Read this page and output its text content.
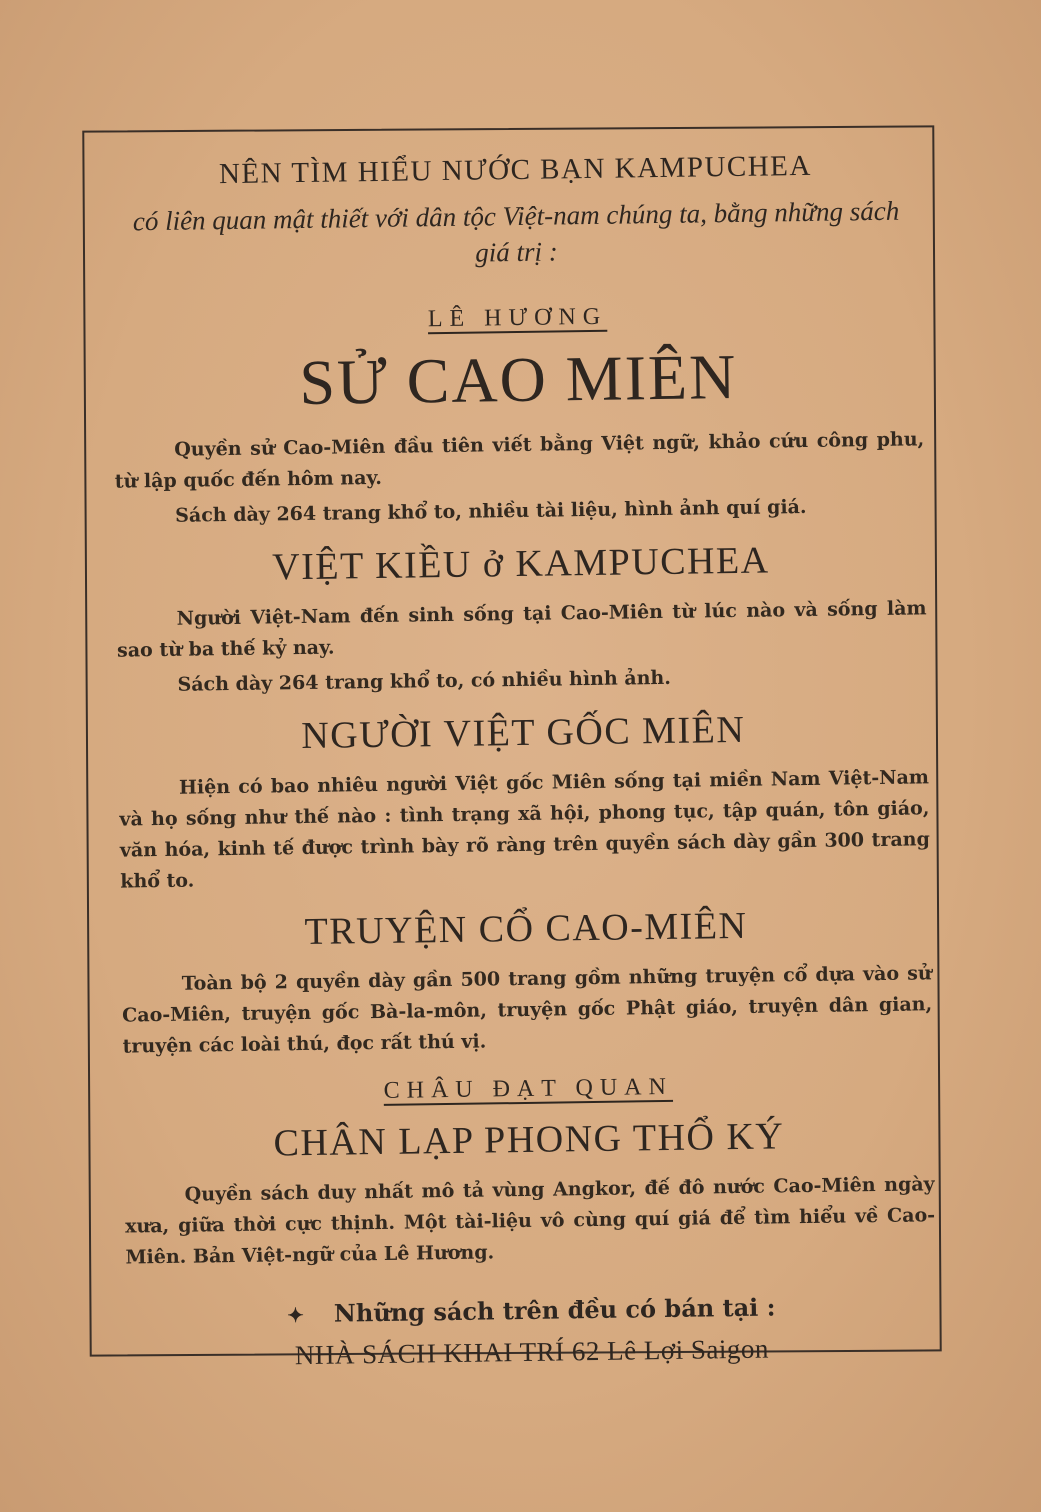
NÊN TÌM HIỂU NƯỚC BẠN KAMPUCHEA
có liên quan mật thiết với dân tộc Việt-nam chúng ta, bằng những sách giá trị :
LÊ HƯƠNG
SỬ CAO MIÊN

Quyền sử Cao-Miên đầu tiên viết bằng Việt ngữ, khảo cứu công phu, từ lập quốc đến hôm nay.

Sách dày 264 trang khổ to, nhiều tài liệu, hình ảnh quí giá.

VIỆT KIỀU ở KAMPUCHEA

Người Việt-Nam đến sinh sống tại Cao-Miên từ lúc nào và sống làm sao từ ba thế kỷ nay.

Sách dày 264 trang khổ to, có nhiều hình ảnh.

NGƯỜI VIỆT GỐC MIÊN

Hiện có bao nhiêu người Việt gốc Miên sống tại miền Nam Việt-Nam và họ sống như thế nào : tình trạng xã hội, phong tục, tập quán, tôn giáo, văn hóa, kinh tế được trình bày rõ ràng trên quyền sách dày gần 300 trang khổ to.

TRUYỆN CỔ CAO-MIÊN

Toàn bộ 2 quyền dày gần 500 trang gồm những truyện cổ dựa vào sử Cao-Miên, truyện gốc Bà-la-môn, truyện gốc Phật giáo, truyện dân gian, truyện các loài thú, đọc rất thú vị.

CHÂU ĐẠT QUAN
CHÂN LẠP PHONG THỔ KÝ

Quyền sách duy nhất mô tả vùng Angkor, đế đô nước Cao-Miên ngày xưa, giữa thời cực thịnh. Một tài-liệu vô cùng quí giá để tìm hiểu về Cao-Miên. Bản Việt-ngữ của Lê Hương.

✦ Những sách trên đều có bán tại :
NHÀ SÁCH KHAI TRÍ 62 Lê Lợi Saigon
